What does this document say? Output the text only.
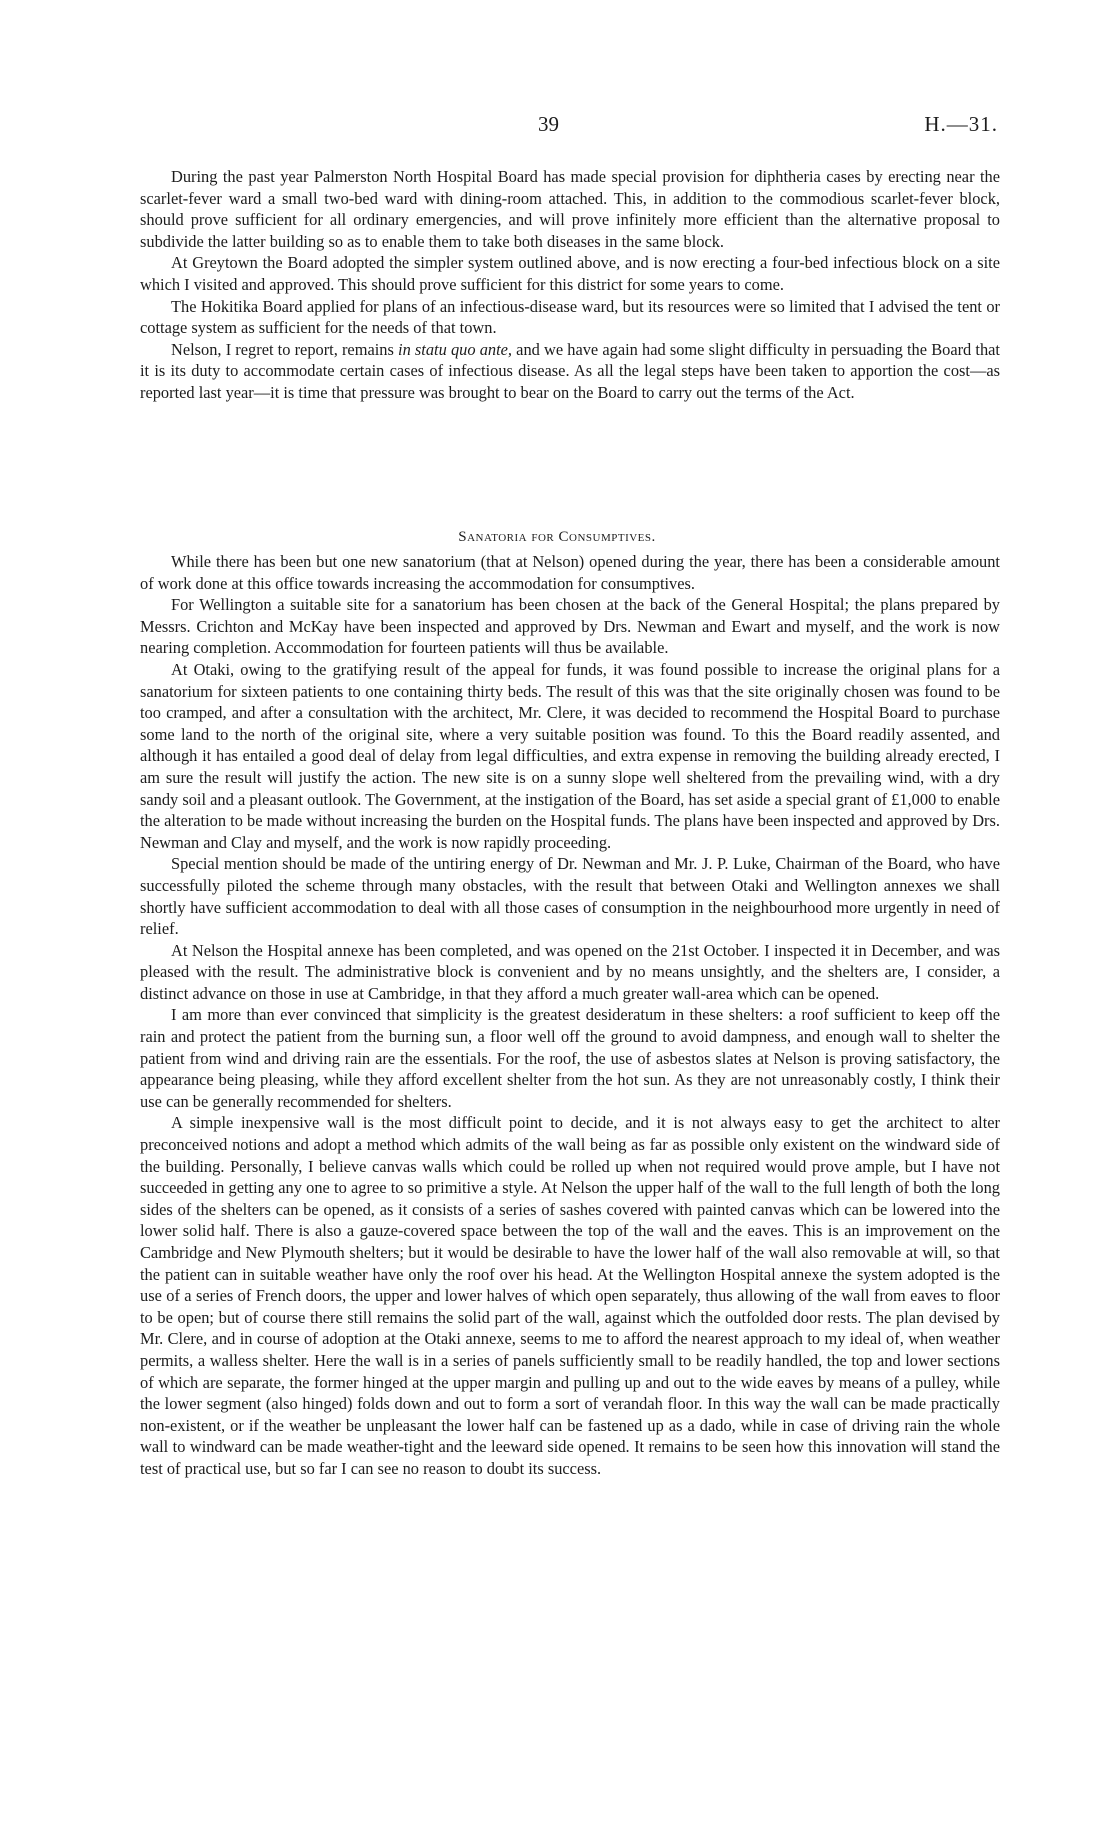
39	H.—31.

During the past year Palmerston North Hospital Board has made special provision for diphtheria cases by erecting near the scarlet-fever ward a small two-bed ward with dining-room attached. This, in addition to the commodious scarlet-fever block, should prove sufficient for all ordinary emergencies, and will prove infinitely more efficient than the alternative proposal to subdivide the latter building so as to enable them to take both diseases in the same block.

At Greytown the Board adopted the simpler system outlined above, and is now erecting a four-bed infectious block on a site which I visited and approved. This should prove sufficient for this district for some years to come.

The Hokitika Board applied for plans of an infectious-disease ward, but its resources were so limited that I advised the tent or cottage system as sufficient for the needs of that town.

Nelson, I regret to report, remains in statu quo ante, and we have again had some slight difficulty in persuading the Board that it is its duty to accommodate certain cases of infectious disease. As all the legal steps have been taken to apportion the cost—as reported last year—it is time that pressure was brought to bear on the Board to carry out the terms of the Act.

Sanatoria for Consumptives.

While there has been but one new sanatorium (that at Nelson) opened during the year, there has been a considerable amount of work done at this office towards increasing the accommodation for consumptives.

For Wellington a suitable site for a sanatorium has been chosen at the back of the General Hospital; the plans prepared by Messrs. Crichton and McKay have been inspected and approved by Drs. Newman and Ewart and myself, and the work is now nearing completion. Accommodation for fourteen patients will thus be available.

At Otaki, owing to the gratifying result of the appeal for funds, it was found possible to increase the original plans for a sanatorium for sixteen patients to one containing thirty beds. The result of this was that the site originally chosen was found to be too cramped, and after a consultation with the architect, Mr. Clere, it was decided to recommend the Hospital Board to purchase some land to the north of the original site, where a very suitable position was found. To this the Board readily assented, and although it has entailed a good deal of delay from legal difficulties, and extra expense in removing the building already erected, I am sure the result will justify the action. The new site is on a sunny slope well sheltered from the prevailing wind, with a dry sandy soil and a pleasant outlook. The Government, at the instigation of the Board, has set aside a special grant of £1,000 to enable the alteration to be made without increasing the burden on the Hospital funds. The plans have been inspected and approved by Drs. Newman and Clay and myself, and the work is now rapidly proceeding.

Special mention should be made of the untiring energy of Dr. Newman and Mr. J. P. Luke, Chairman of the Board, who have successfully piloted the scheme through many obstacles, with the result that between Otaki and Wellington annexes we shall shortly have sufficient accommodation to deal with all those cases of consumption in the neighbourhood more urgently in need of relief.

At Nelson the Hospital annexe has been completed, and was opened on the 21st October. I inspected it in December, and was pleased with the result. The administrative block is convenient and by no means unsightly, and the shelters are, I consider, a distinct advance on those in use at Cambridge, in that they afford a much greater wall-area which can be opened.

I am more than ever convinced that simplicity is the greatest desideratum in these shelters: a roof sufficient to keep off the rain and protect the patient from the burning sun, a floor well off the ground to avoid dampness, and enough wall to shelter the patient from wind and driving rain are the essentials. For the roof, the use of asbestos slates at Nelson is proving satisfactory, the appearance being pleasing, while they afford excellent shelter from the hot sun. As they are not unreasonably costly, I think their use can be generally recommended for shelters.

A simple inexpensive wall is the most difficult point to decide, and it is not always easy to get the architect to alter preconceived notions and adopt a method which admits of the wall being as far as possible only existent on the windward side of the building. Personally, I believe canvas walls which could be rolled up when not required would prove ample, but I have not succeeded in getting any one to agree to so primitive a style. At Nelson the upper half of the wall to the full length of both the long sides of the shelters can be opened, as it consists of a series of sashes covered with painted canvas which can be lowered into the lower solid half. There is also a gauze-covered space between the top of the wall and the eaves. This is an improvement on the Cambridge and New Plymouth shelters; but it would be desirable to have the lower half of the wall also removable at will, so that the patient can in suitable weather have only the roof over his head. At the Wellington Hospital annexe the system adopted is the use of a series of French doors, the upper and lower halves of which open separately, thus allowing of the wall from eaves to floor to be open; but of course there still remains the solid part of the wall, against which the outfolded door rests. The plan devised by Mr. Clere, and in course of adoption at the Otaki annexe, seems to me to afford the nearest approach to my ideal of, when weather permits, a walless shelter. Here the wall is in a series of panels sufficiently small to be readily handled, the top and lower sections of which are separate, the former hinged at the upper margin and pulling up and out to the wide eaves by means of a pulley, while the lower segment (also hinged) folds down and out to form a sort of verandah floor. In this way the wall can be made practically non-existent, or if the weather be unpleasant the lower half can be fastened up as a dado, while in case of driving rain the whole wall to windward can be made weather-tight and the leeward side opened. It remains to be seen how this innovation will stand the test of practical use, but so far I can see no reason to doubt its success.
